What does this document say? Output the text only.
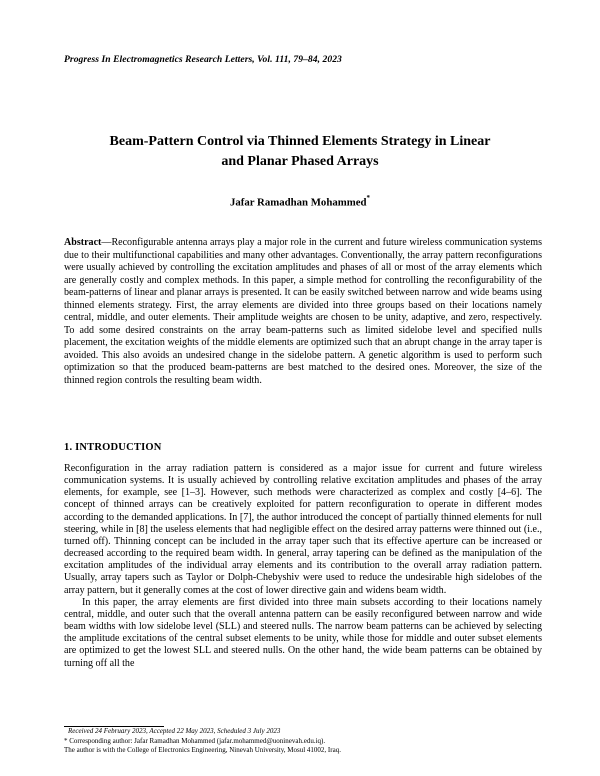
Progress In Electromagnetics Research Letters, Vol. 111, 79–84, 2023
Beam-Pattern Control via Thinned Elements Strategy in Linear
and Planar Phased Arrays
Jafar Ramadhan Mohammed*
Abstract—Reconfigurable antenna arrays play a major role in the current and future wireless communication systems due to their multifunctional capabilities and many other advantages. Conventionally, the array pattern reconfigurations were usually achieved by controlling the excitation amplitudes and phases of all or most of the array elements which are generally costly and complex methods. In this paper, a simple method for controlling the reconfigurability of the beam-patterns of linear and planar arrays is presented. It can be easily switched between narrow and wide beams using thinned elements strategy. First, the array elements are divided into three groups based on their locations namely central, middle, and outer elements. Their amplitude weights are chosen to be unity, adaptive, and zero, respectively. To add some desired constraints on the array beam-patterns such as limited sidelobe level and specified nulls placement, the excitation weights of the middle elements are optimized such that an abrupt change in the array taper is avoided. This also avoids an undesired change in the sidelobe pattern. A genetic algorithm is used to perform such optimization so that the produced beam-patterns are best matched to the desired ones. Moreover, the size of the thinned region controls the resulting beam width.
1. INTRODUCTION

Reconfiguration in the array radiation pattern is considered as a major issue for current and future wireless communication systems. It is usually achieved by controlling relative excitation amplitudes and phases of the array elements, for example, see [1–3]. However, such methods were characterized as complex and costly [4–6]. The concept of thinned arrays can be creatively exploited for pattern reconfiguration to operate in different modes according to the demanded applications. In [7], the author introduced the concept of partially thinned elements for null steering, while in [8] the useless elements that had negligible effect on the desired array patterns were thinned out (i.e., turned off). Thinning concept can be included in the array taper such that its effective aperture can be increased or decreased according to the required beam width. In general, array tapering can be defined as the manipulation of the excitation amplitudes of the individual array elements and its contribution to the overall array radiation pattern. Usually, array tapers such as Taylor or Dolph-Chebyshiv were used to reduce the undesirable high sidelobes of the array pattern, but it generally comes at the cost of lower directive gain and widens beam width.

In this paper, the array elements are first divided into three main subsets according to their locations namely central, middle, and outer such that the overall antenna pattern can be easily reconfigured between narrow and wide beam widths with low sidelobe level (SLL) and steered nulls. The narrow beam patterns can be achieved by selecting the amplitude excitations of the central subset elements to be unity, while those for middle and outer subset elements are optimized to get the lowest SLL and steered nulls. On the other hand, the wide beam patterns can be obtained by turning off all the

Received 24 February 2023, Accepted 22 May 2023, Scheduled 3 July 2023
* Corresponding author: Jafar Ramadhan Mohammed (jafar.mohammed@uoninevah.edu.iq).
The author is with the College of Electronics Engineering, Ninevah University, Mosul 41002, Iraq.
